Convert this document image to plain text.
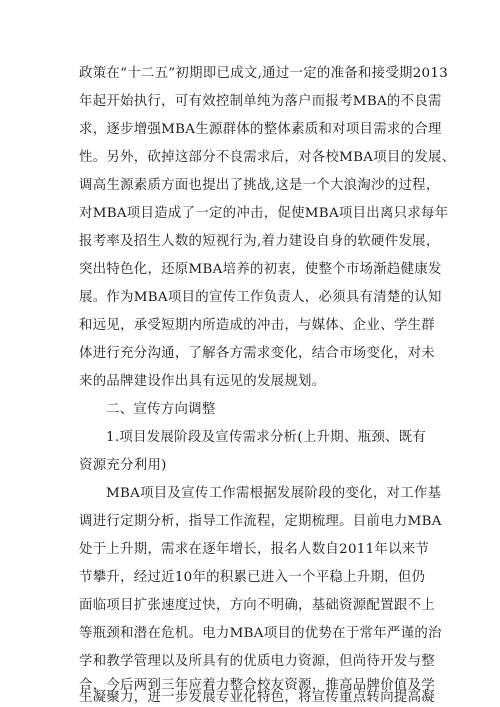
政策在“十二五”初期即已成文,通过一定的准备和接受期2013
年起开始执行，可有效控制单纯为落户而报考MBA的不良需
求，逐步增强MBA生源群体的整体素质和对项目需求的合理
性。另外，砍掉这部分不良需求后，对各校MBA项目的发展、
调高生源素质方面也提出了挑战,这是一个大浪淘沙的过程，
对MBA项目造成了一定的冲击，促使MBA项目出离只求每年
报考率及招生人数的短视行为,着力建设自身的软硬件发展，
突出特色化，还原MBA培养的初衷，使整个市场渐趋健康发
展。作为MBA项目的宣传工作负责人，必须具有清楚的认知
和远见，承受短期内所造成的冲击，与媒体、企业、学生群
体进行充分沟通，了解各方需求变化，结合市场变化，对未
来的品牌建设作出具有远见的发展规划。
二、宣传方向调整
1.项目发展阶段及宣传需求分析(上升期、瓶颈、既有
资源充分利用)
MBA项目及宣传工作需根据发展阶段的变化，对工作基
调进行定期分析，指导工作流程，定期梳理。目前电力MBA
处于上升期，需求在逐年增长，报名人数自2011年以来节
节攀升，经过近10年的积累已进入一个平稳上升期，但仍
面临项目扩张速度过快，方向不明确，基础资源配置跟不上
等瓶颈和潜在危机。电力MBA项目的优势在于常年严谨的治
学和教学管理以及所具有的优质电力资源，但尚待开发与整
合，今后两到三年应着力整合校友资源，推高品牌价值及学
生凝聚力，进一步发展专业化特色，将宣传重点转向提高凝
